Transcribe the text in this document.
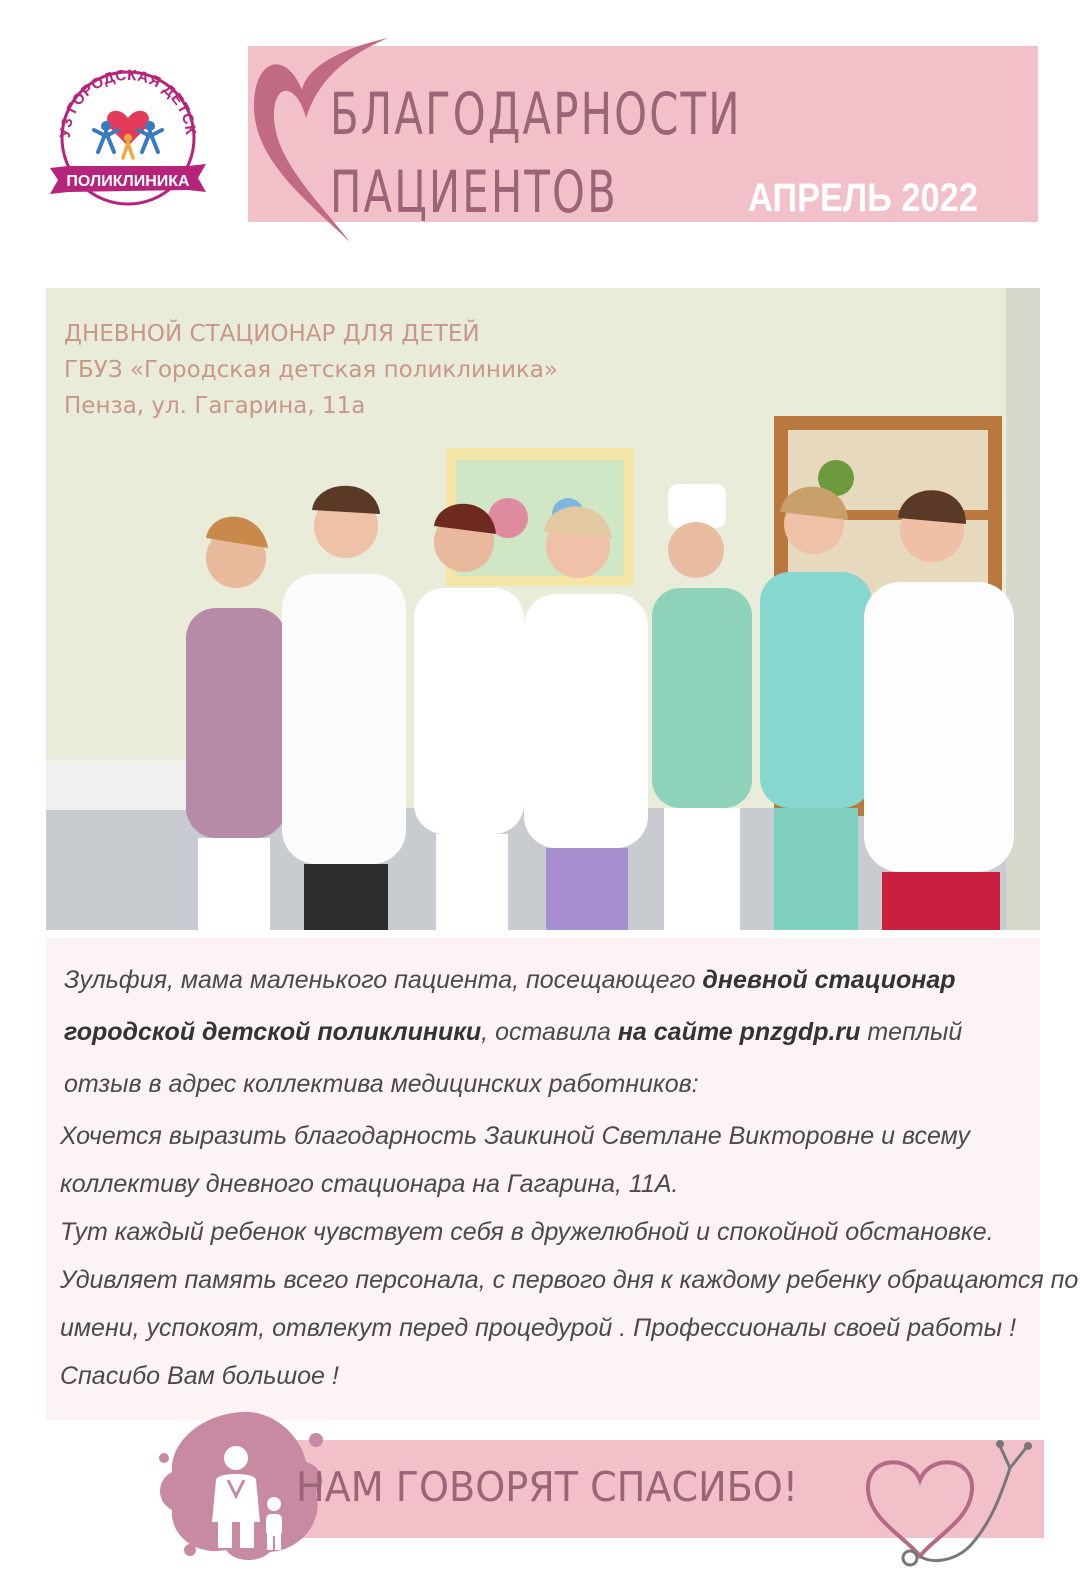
УЗ ГОРОДСКАЯ ДЕТСК
ПОЛИКЛИНИКА
БЛАГОДАРНОСТИ
ПАЦИЕНТОВ	АПРЕЛЬ 2022
ДНЕВНОЙ СТАЦИОНАР ДЛЯ ДЕТЕЙ
ГБУЗ «Городская детская поликлиника»
Пенза, ул. Гагарина, 11а

Зульфия, мама маленького пациента, посещающего дневной стационар городской детской поликлиники, оставила на сайте pnzgdp.ru теплый отзыв в адрес коллектива медицинских работников:

Хочется выразить благодарность Заикиной Светлане Викторовне и всему

коллективу дневного стационара на Гагарина, 11А.

Тут каждый ребенок чувствует себя в дружелюбной и спокойной обстановке.

Удивляет память всего персонала, с первого дня к каждому ребенку обращаются по

имени, успокоят, отвлекут перед процедурой . Профессионалы своей работы !

Спасибо Вам большое !

НАМ ГОВОРЯТ СПАСИБО!
